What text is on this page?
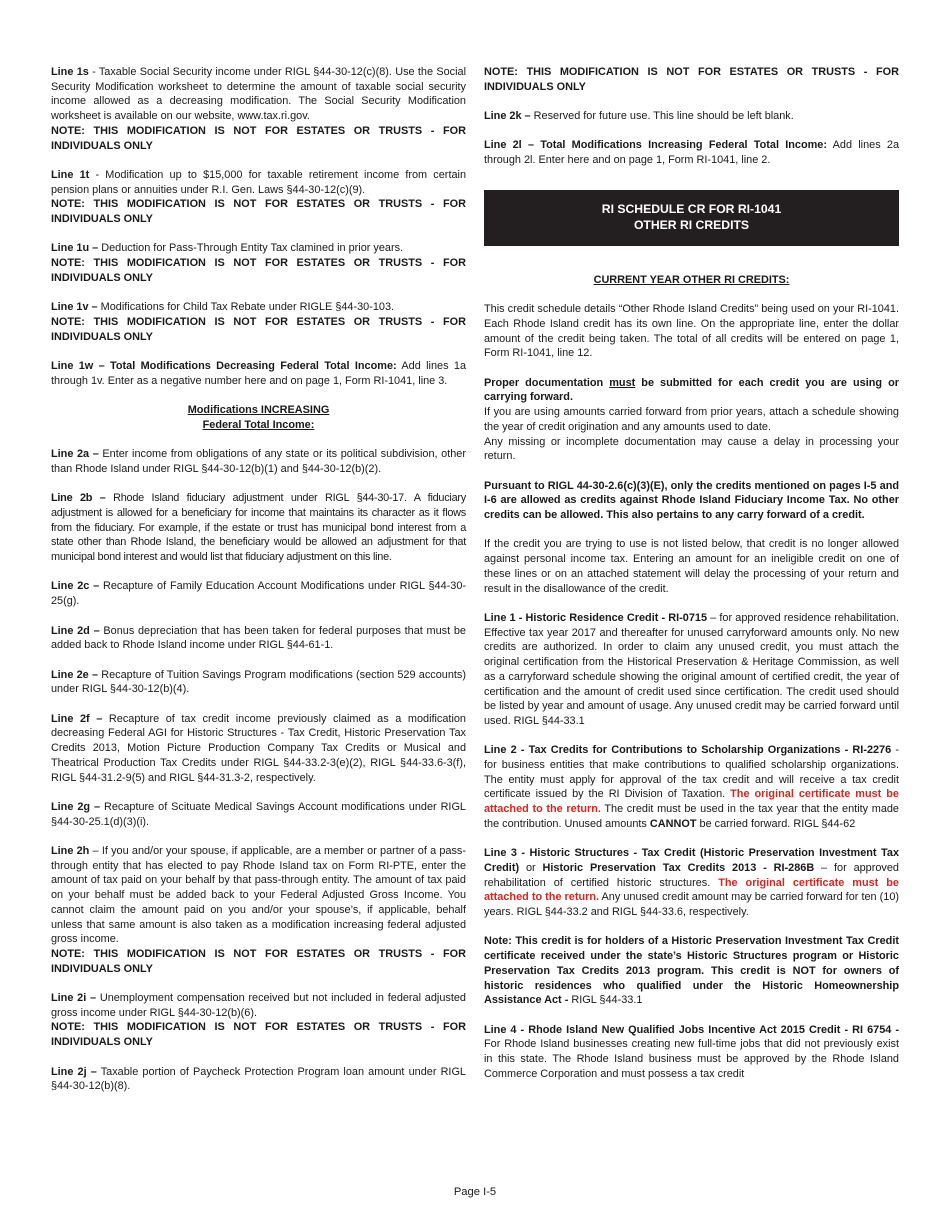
Line 1s - Taxable Social Security income under RIGL §44-30-12(c)(8). Use the Social Security Modification worksheet to determine the amount of taxable social security income allowed as a decreasing modification. The Social Security Modification worksheet is available on our website, www.tax.ri.gov.
NOTE: THIS MODIFICATION IS NOT FOR ESTATES OR TRUSTS - FOR INDIVIDUALS ONLY

Line 1t - Modification up to $15,000 for taxable retirement income from certain pension plans or annuities under R.I. Gen. Laws §44-30-12(c)(9).
NOTE: THIS MODIFICATION IS NOT FOR ESTATES OR TRUSTS - FOR INDIVIDUALS ONLY

Line 1u – Deduction for Pass-Through Entity Tax clamined in prior years.
NOTE: THIS MODIFICATION IS NOT FOR ESTATES OR TRUSTS - FOR INDIVIDUALS ONLY

Line 1v – Modifications for Child Tax Rebate under RIGLE §44-30-103.
NOTE: THIS MODIFICATION IS NOT FOR ESTATES OR TRUSTS - FOR INDIVIDUALS ONLY

Line 1w – Total Modifications Decreasing Federal Total Income: Add lines 1a through 1v. Enter as a negative number here and on page 1, Form RI-1041, line 3.

Modifications INCREASING
Federal Total Income:

Line 2a – Enter income from obligations of any state or its political subdivision, other than Rhode Island under RIGL §44-30-12(b)(1) and §44-30-12(b)(2).

Line 2b – Rhode Island fiduciary adjustment under RIGL §44-30-17. A fiduciary adjustment is allowed for a beneficiary for income that maintains its character as it flows from the fiduciary. For example, if the estate or trust has municipal bond interest from a state other than Rhode Island, the beneficiary would be allowed an adjustment for that municipal bond interest and would list that fiduciary adjustment on this line.

Line 2c – Recapture of Family Education Account Modifications under RIGL §44-30-25(g).

Line 2d – Bonus depreciation that has been taken for federal purposes that must be added back to Rhode Island income under RIGL §44-61-1.

Line 2e – Recapture of Tuition Savings Program modifications (section 529 accounts) under RIGL §44-30-12(b)(4).

Line 2f – Recapture of tax credit income previously claimed as a modification decreasing Federal AGI for Historic Structures - Tax Credit, Historic Preservation Tax Credits 2013, Motion Picture Production Company Tax Credits or Musical and Theatrical Production Tax Credits under RIGL §44-33.2-3(e)(2), RIGL §44-33.6-3(f), RIGL §44-31.2-9(5) and RIGL §44-31.3-2, respectively.

Line 2g – Recapture of Scituate Medical Savings Account modifications under RIGL §44-30-25.1(d)(3)(i).

Line 2h – If you and/or your spouse, if applicable, are a member or partner of a pass-through entity that has elected to pay Rhode Island tax on Form RI-PTE, enter the amount of tax paid on your behalf by that pass-through entity. The amount of tax paid on your behalf must be added back to your Federal Adjusted Gross Income. You cannot claim the amount paid on you and/or your spouse’s, if applicable, behalf unless that same amount is also taken as a modification increasing federal adjusted gross income.
NOTE: THIS MODIFICATION IS NOT FOR ESTATES OR TRUSTS - FOR INDIVIDUALS ONLY

Line 2i – Unemployment compensation received but not included in federal adjusted gross income under RIGL §44-30-12(b)(6).
NOTE: THIS MODIFICATION IS NOT FOR ESTATES OR TRUSTS - FOR INDIVIDUALS ONLY

Line 2j – Taxable portion of Paycheck Protection Program loan amount under RIGL §44-30-12(b)(8).

NOTE: THIS MODIFICATION IS NOT FOR ESTATES OR TRUSTS - FOR INDIVIDUALS ONLY

Line 2k – Reserved for future use. This line should be left blank.

Line 2l – Total Modifications Increasing Federal Total Income: Add lines 2a through 2l. Enter here and on page 1, Form RI-1041, line 2.

RI SCHEDULE CR FOR RI-1041
OTHER RI CREDITS
CURRENT YEAR OTHER RI CREDITS:

This credit schedule details “Other Rhode Island Credits” being used on your RI-1041. Each Rhode Island credit has its own line. On the appropriate line, enter the dollar amount of the credit being taken. The total of all credits will be entered on page 1, Form RI-1041, line 12.

Proper documentation must be submitted for each credit you are using or carrying forward.
If you are using amounts carried forward from prior years, attach a schedule showing the year of credit origination and any amounts used to date.
Any missing or incomplete documentation may cause a delay in processing your return.

Pursuant to RIGL 44-30-2.6(c)(3)(E), only the credits mentioned on pages I-5 and I-6 are allowed as credits against Rhode Island Fiduciary Income Tax. No other credits can be allowed. This also pertains to any carry forward of a credit.

If the credit you are trying to use is not listed below, that credit is no longer allowed against personal income tax. Entering an amount for an ineligible credit on one of these lines or on an attached statement will delay the processing of your return and result in the disallowance of the credit.

Line 1 - Historic Residence Credit - RI-0715 – for approved residence rehabilitation. Effective tax year 2017 and thereafter for unused carryforward amounts only. No new credits are authorized. In order to claim any unused credit, you must attach the original certification from the Historical Preservation & Heritage Commission, as well as a carryforward schedule showing the original amount of certified credit, the year of certification and the amount of credit used since certification. The credit used should be listed by year and amount of usage. Any unused credit may be carried forward until used. RIGL §44-33.1

Line 2 - Tax Credits for Contributions to Scholarship Organizations - RI-2276 - for business entities that make contributions to qualified scholarship organizations. The entity must apply for approval of the tax credit and will receive a tax credit certificate issued by the RI Division of Taxation. The original certificate must be attached to the return. The credit must be used in the tax year that the entity made the contribution. Unused amounts CANNOT be carried forward. RIGL §44-62

Line 3 - Historic Structures - Tax Credit (Historic Preservation Investment Tax Credit) or Historic Preservation Tax Credits 2013 - RI-286B – for approved rehabilitation of certified historic structures. The original certificate must be attached to the return. Any unused credit amount may be carried forward for ten (10) years. RIGL §44-33.2 and RIGL §44-33.6, respectively.

Note: This credit is for holders of a Historic Preservation Investment Tax Credit certificate received under the state’s Historic Structures program or Historic Preservation Tax Credits 2013 program. This credit is NOT for owners of historic residences who qualified under the Historic Homeownership Assistance Act - RIGL §44-33.1

Line 4 - Rhode Island New Qualified Jobs Incentive Act 2015 Credit - RI 6754 - For Rhode Island businesses creating new full-time jobs that did not previously exist in this state. The Rhode Island business must be approved by the Rhode Island Commerce Corporation and must possess a tax credit

Page I-5
